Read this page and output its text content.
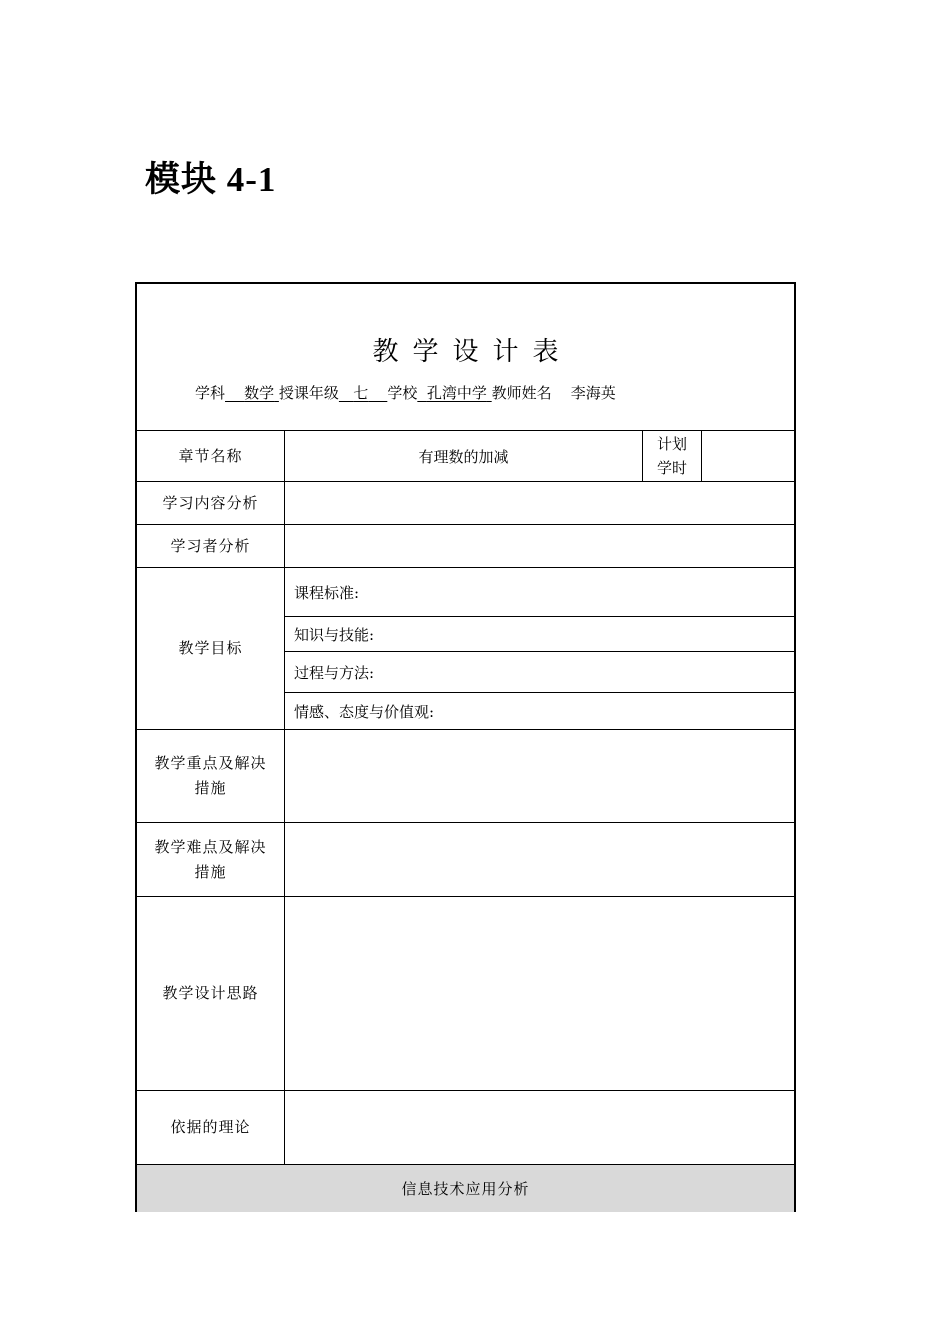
模块 4-1
教学设计表
学科 数学 授课年级 七 学校 孔湾中学 教师姓名 李海英
章节名称	有理数的加减
计划学时
学习内容分析
学习者分析
教学目标
课程标准:
知识与技能:
过程与方法:
情感、态度与价值观:
教学重点及解决措施
教学难点及解决措施
教学设计思路
依据的理论
信息技术应用分析
